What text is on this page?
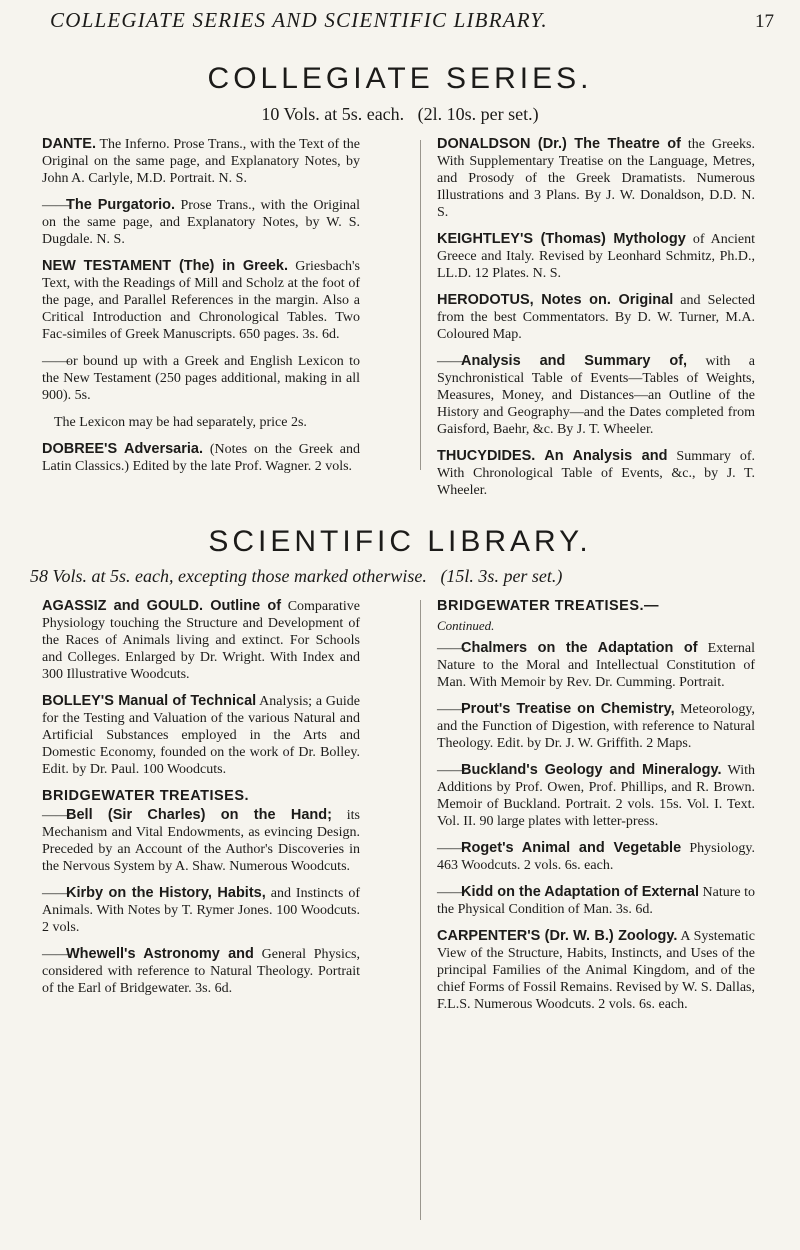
COLLEGIATE SERIES AND SCIENTIFIC LIBRARY.	17
COLLEGIATE SERIES.
10 Vols. at 5s. each. (2l. 10s. per set.)
DANTE. The Inferno. Prose Trans., with the Text of the Original on the same page, and Explanatory Notes, by John A. Carlyle, M.D. Portrait. N. S.
——The Purgatorio. Prose Trans., with the Original on the same page, and Explanatory Notes, by W. S. Dugdale. N. S.
NEW TESTAMENT (The) in Greek. Griesbach's Text, with the Readings of Mill and Scholz at the foot of the page, and Parallel References in the margin. Also a Critical Introduction and Chronological Tables. Two Fac-similes of Greek Manuscripts. 650 pages. 3s. 6d.
——or bound up with a Greek and English Lexicon to the New Testament (250 pages additional, making in all 900). 5s.
The Lexicon may be had separately, price 2s.
DOBREE'S Adversaria. (Notes on the Greek and Latin Classics.) Edited by the late Prof. Wagner. 2 vols.
DONALDSON (Dr.) The Theatre of the Greeks. With Supplementary Treatise on the Language, Metres, and Prosody of the Greek Dramatists. Numerous Illustrations and 3 Plans. By J. W. Donaldson, D.D. N. S.
KEIGHTLEY'S (Thomas) Mythology of Ancient Greece and Italy. Revised by Leonhard Schmitz, Ph.D., LL.D. 12 Plates. N. S.
HERODOTUS, Notes on. Original and Selected from the best Commentators. By D. W. Turner, M.A. Coloured Map.
——Analysis and Summary of, with a Synchronistical Table of Events—Tables of Weights, Measures, Money, and Distances—an Outline of the History and Geography—and the Dates completed from Gaisford, Baehr, &c. By J. T. Wheeler.
THUCYDIDES. An Analysis and Summary of. With Chronological Table of Events, &c., by J. T. Wheeler.
SCIENTIFIC LIBRARY.
58 Vols. at 5s. each, excepting those marked otherwise. (15l. 3s. per set.)
AGASSIZ and GOULD. Outline of Comparative Physiology touching the Structure and Development of the Races of Animals living and extinct. For Schools and Colleges. Enlarged by Dr. Wright. With Index and 300 Illustrative Woodcuts.
BOLLEY'S Manual of Technical Analysis; a Guide for the Testing and Valuation of the various Natural and Artificial Substances employed in the Arts and Domestic Economy, founded on the work of Dr. Bolley. Edit. by Dr. Paul. 100 Woodcuts.
BRIDGEWATER TREATISES.
——Bell (Sir Charles) on the Hand; its Mechanism and Vital Endowments, as evincing Design. Preceded by an Account of the Author's Discoveries in the Nervous System by A. Shaw. Numerous Woodcuts.
——Kirby on the History, Habits, and Instincts of Animals. With Notes by T. Rymer Jones. 100 Woodcuts. 2 vols.
——Whewell's Astronomy and General Physics, considered with reference to Natural Theology. Portrait of the Earl of Bridgewater. 3s. 6d.
BRIDGEWATER TREATISES.—
Continued.
——Chalmers on the Adaptation of External Nature to the Moral and Intellectual Constitution of Man. With Memoir by Rev. Dr. Cumming. Portrait.
——Prout's Treatise on Chemistry, Meteorology, and the Function of Digestion, with reference to Natural Theology. Edit. by Dr. J. W. Griffith. 2 Maps.
——Buckland's Geology and Mineralogy. With Additions by Prof. Owen, Prof. Phillips, and R. Brown. Memoir of Buckland. Portrait. 2 vols. 15s. Vol. I. Text. Vol. II. 90 large plates with letter-press.
——Roget's Animal and Vegetable Physiology. 463 Woodcuts. 2 vols. 6s. each.
——Kidd on the Adaptation of External Nature to the Physical Condition of Man. 3s. 6d.
CARPENTER'S (Dr. W. B.) Zoology. A Systematic View of the Structure, Habits, Instincts, and Uses of the principal Families of the Animal Kingdom, and of the chief Forms of Fossil Remains. Revised by W. S. Dallas, F.L.S. Numerous Woodcuts. 2 vols. 6s. each.
